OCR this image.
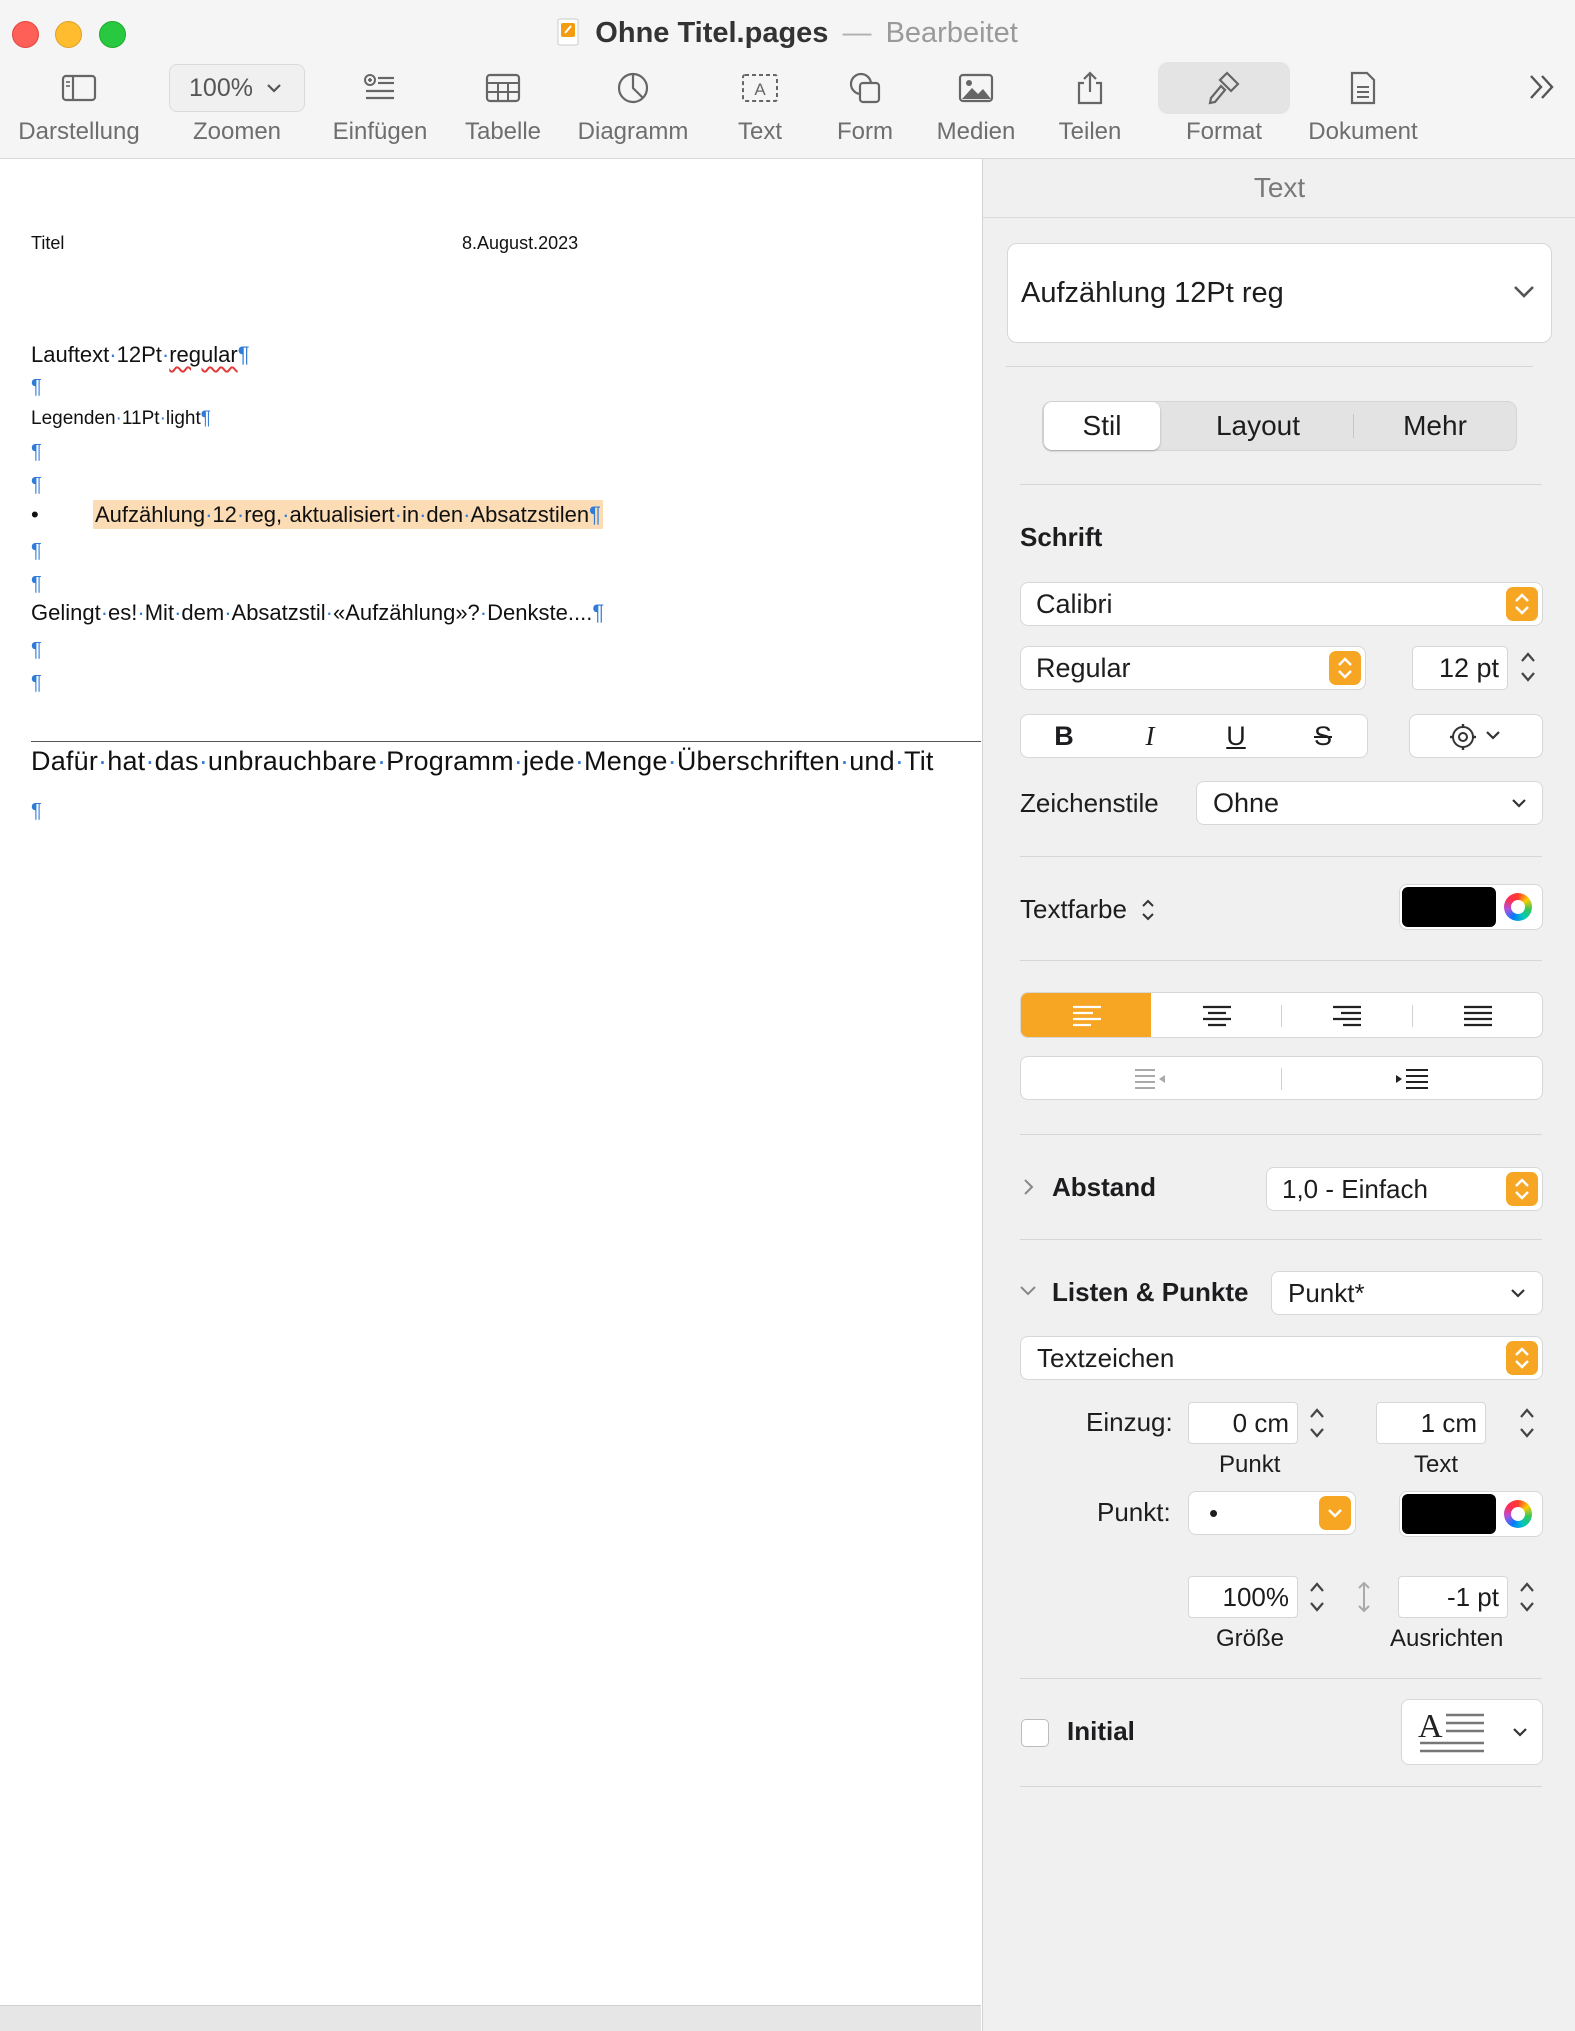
Ohne Titel.pages — Bearbeitet
Darstellung
100%
Zoomen	Einfügen	Tabelle	Diagramm
A
Text	Form	Medien	Teilen	Format	Dokument
Titel	8.August.2023
Lauftext·12Pt·regular¶
¶
Legenden·11Pt·light¶
¶
¶
•	Aufzählung·12·reg,·aktualisiert·in·den·Absatzstilen¶
¶
¶
Gelingt·es!·Mit·dem·Absatzstil·«Aufzählung»?·Denkste....¶
¶
¶
Dafür·hat·das·unbrauchbare·Programm·jede·Menge·Überschriften·und·Tit
¶
Text
Aufzählung 12Pt reg
Stil	Layout	Mehr
Schrift
Calibri
Regular	12 pt
B	I	U	S
Zeichenstile Ohne
Textfarbe
Abstand	1,0 - Einfach
Listen & Punkte Punkt*
Textzeichen
Einzug: 0 cm	1 cm
Punkt	Text
Punkt: •
100%	-1 pt
Größe	Ausrichten
Initial	A
